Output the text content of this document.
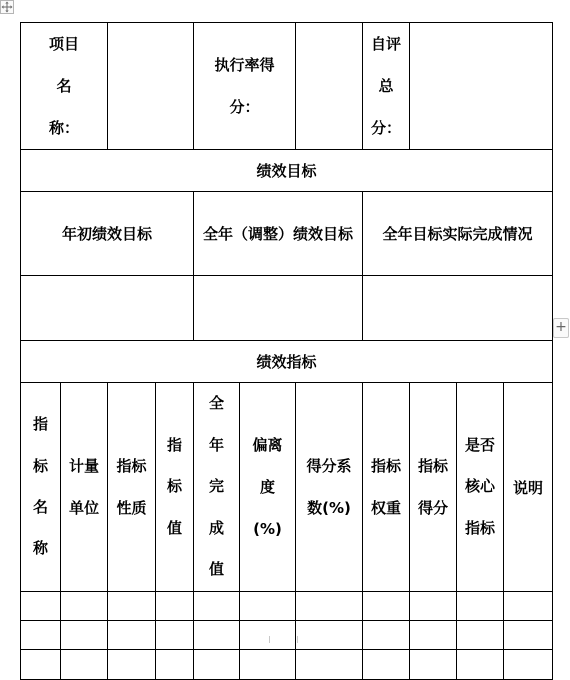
项目名称：				执行率得分：			自评总分：			

绩效目标										
年初绩效目标				全年（调整）绩效目标			全年目标实际完成情况			

绩效指标										

指标名称	计量单位	指标性质	指标值	全年完成值	偏离度(%)	得分系数(%)	指标权重	指标得分	是否核心指标	说明

+
